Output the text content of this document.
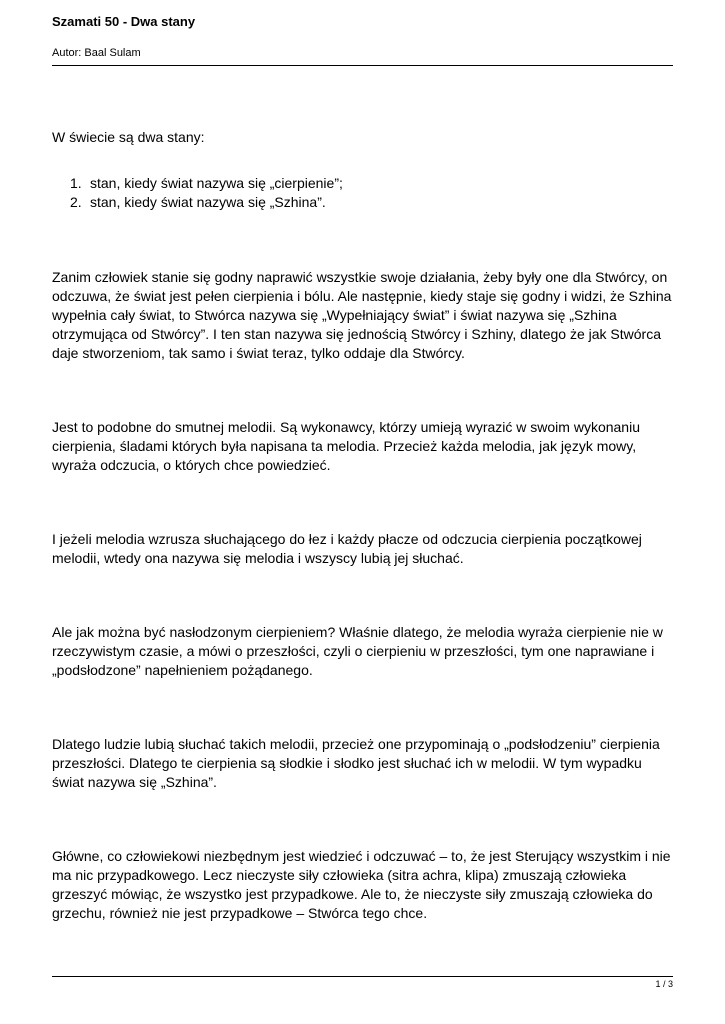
Szamati 50 - Dwa stany
Autor: Baal Sulam

W świecie są dwa stany:

1. stan, kiedy świat nazywa się „cierpienie”;
2. stan, kiedy świat nazywa się „Szhina”.

Zanim człowiek stanie się godny naprawić wszystkie swoje działania, żeby były one dla Stwórcy, on odczuwa, że świat jest pełen cierpienia i bólu. Ale następnie, kiedy staje się godny i widzi, że Szhina wypełnia cały świat, to Stwórca nazywa się „Wypełniający świat” i świat nazywa się „Szhina otrzymująca od Stwórcy”. I ten stan nazywa się jednością Stwórcy i Szhiny, dlatego że jak Stwórca daje stworzeniom, tak samo i świat teraz, tylko oddaje dla Stwórcy.

Jest to podobne do smutnej melodii. Są wykonawcy, którzy umieją wyrazić w swoim wykonaniu cierpienia, śladami których była napisana ta melodia. Przecież każda melodia, jak język mowy, wyraża odczucia, o których chce powiedzieć.

I jeżeli melodia wzrusza słuchającego do łez i każdy płacze od odczucia cierpienia początkowej melodii, wtedy ona nazywa się melodia i wszyscy lubią jej słuchać.

Ale jak można być nasłodzonym cierpieniem? Właśnie dlatego, że melodia wyraża cierpienie nie w rzeczywistym czasie, a mówi o przeszłości, czyli o cierpieniu w przeszłości, tym one naprawiane i „podsłodzone” napełnieniem pożądanego.

Dlatego ludzie lubią słuchać takich melodii, przecież one przypominają o „podsłodzeniu” cierpienia przeszłości. Dlatego te cierpienia są słodkie i słodko jest słuchać ich w melodii. W tym wypadku świat nazywa się „Szhina”.

Główne, co człowiekowi niezbędnym jest wiedzieć i odczuwać – to, że jest Sterujący wszystkim i nie ma nic przypadkowego. Lecz nieczyste siły człowieka (sitra achra, klipa) zmuszają człowieka grzeszyć mówiąc, że wszystko jest przypadkowe. Ale to, że nieczyste siły zmuszają człowieka do grzechu, również nie jest przypadkowe – Stwórca tego chce.

1 / 3
